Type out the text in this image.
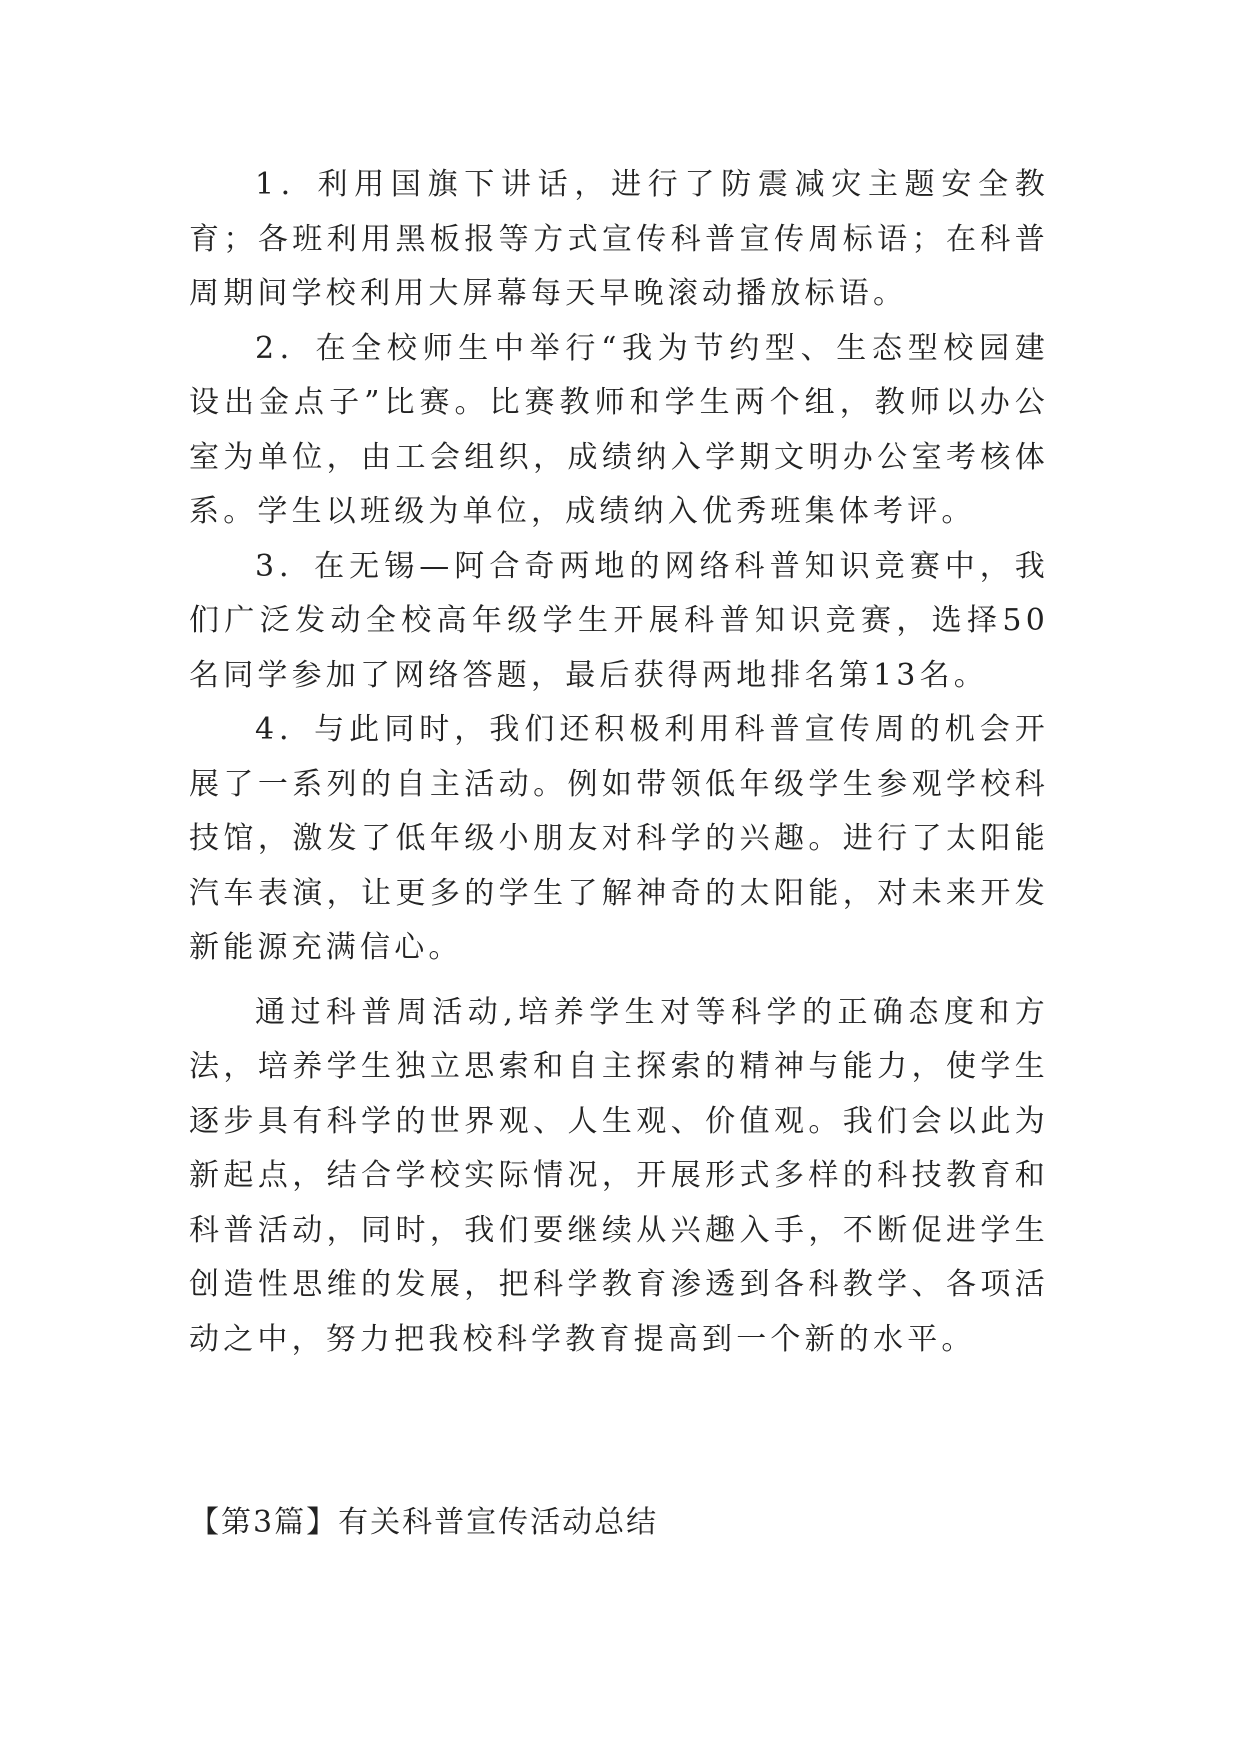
1．利用国旗下讲话，进行了防震减灾主题安全教育；各班利用黑板报等方式宣传科普宣传周标语；在科普周期间学校利用大屏幕每天早晚滚动播放标语。

2．在全校师生中举行“我为节约型、生态型校园建设出金点子”比赛。比赛教师和学生两个组，教师以办公室为单位，由工会组织，成绩纳入学期文明办公室考核体系。学生以班级为单位，成绩纳入优秀班集体考评。

3．在无锡—阿合奇两地的网络科普知识竞赛中，我们广泛发动全校高年级学生开展科普知识竞赛，选择50名同学参加了网络答题，最后获得两地排名第13名。

4．与此同时，我们还积极利用科普宣传周的机会开展了一系列的自主活动。例如带领低年级学生参观学校科技馆，激发了低年级小朋友对科学的兴趣。进行了太阳能汽车表演，让更多的学生了解神奇的太阳能，对未来开发新能源充满信心。

通过科普周活动,培养学生对等科学的正确态度和方法，培养学生独立思索和自主探索的精神与能力，使学生逐步具有科学的世界观、人生观、价值观。我们会以此为新起点，结合学校实际情况，开展形式多样的科技教育和科普活动，同时，我们要继续从兴趣入手，不断促进学生创造性思维的发展，把科学教育渗透到各科教学、各项活动之中，努力把我校科学教育提高到一个新的水平。

【第3篇】有关科普宣传活动总结
